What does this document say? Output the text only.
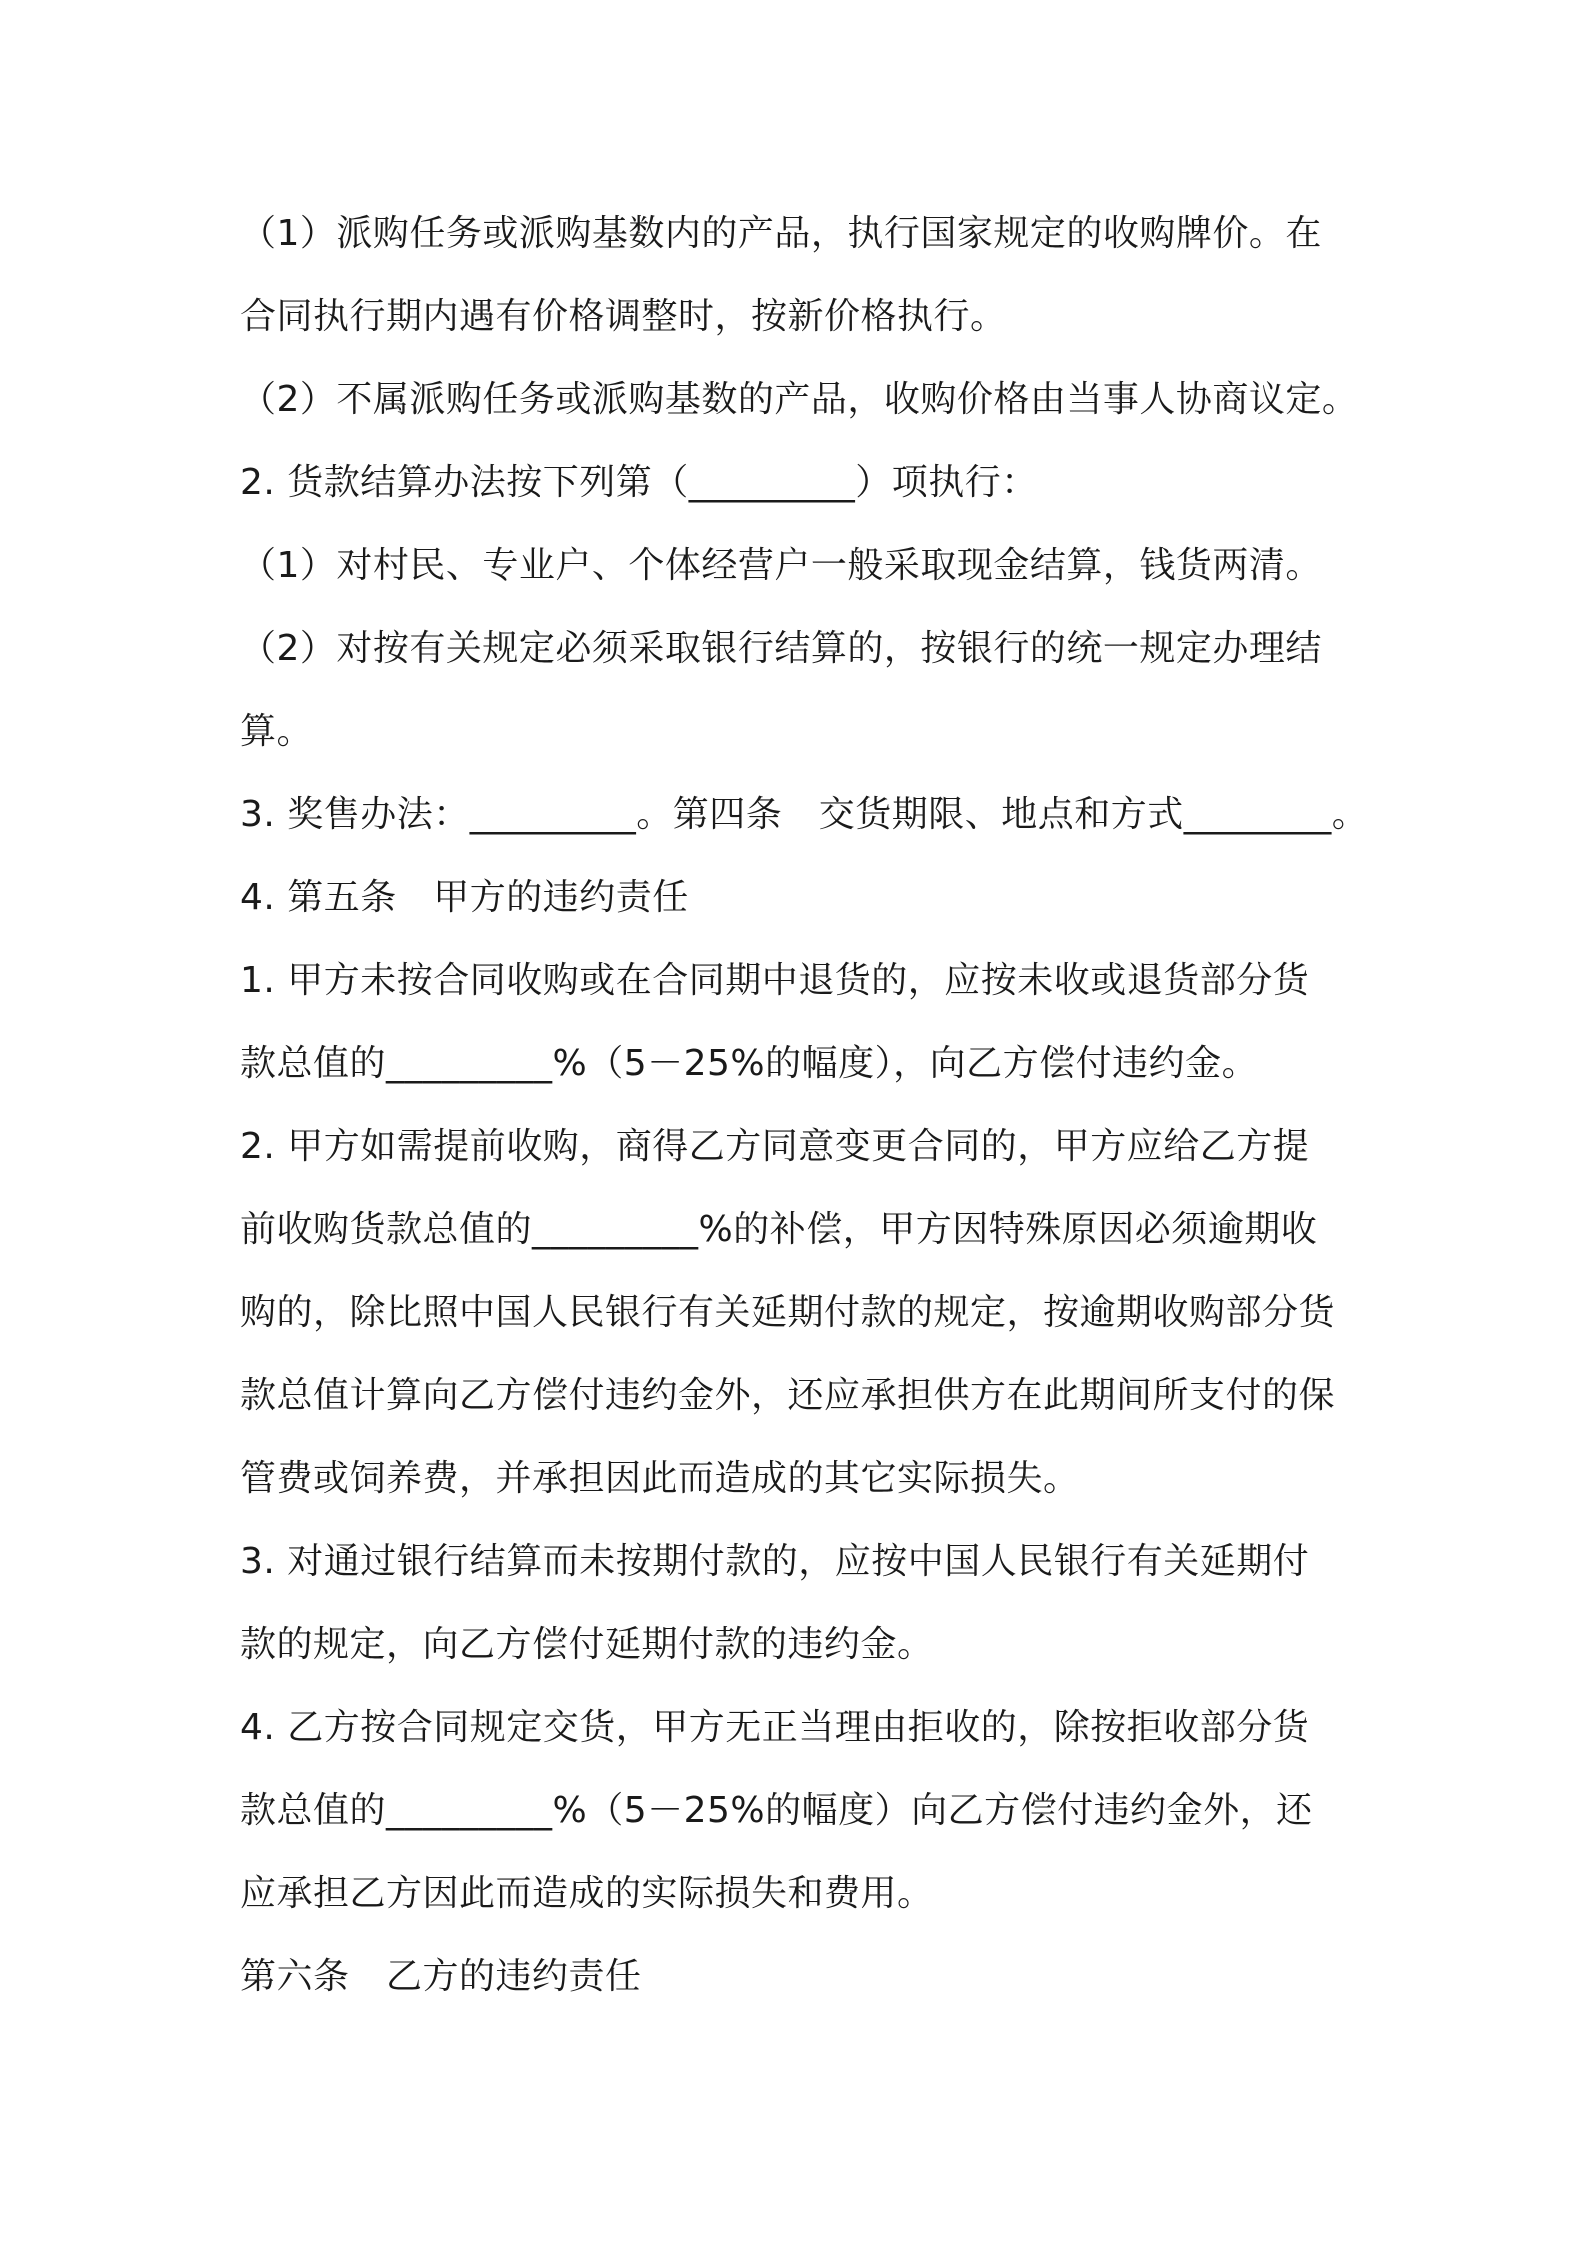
（1）派购任务或派购基数内的产品，执行国家规定的收购牌价。在
合同执行期内遇有价格调整时，按新价格执行。
（2）不属派购任务或派购基数的产品，收购价格由当事人协商议定。
2. 货款结算办法按下列第（_________）项执行：
（1）对村民、专业户、个体经营户一般采取现金结算，钱货两清。
（2）对按有关规定必须采取银行结算的，按银行的统一规定办理结
算。
3. 奖售办法：_________。第四条　交货期限、地点和方式________。
4. 第五条　甲方的违约责任
1. 甲方未按合同收购或在合同期中退货的，应按未收或退货部分货
款总值的_________%（5－25%的幅度），向乙方偿付违约金。
2. 甲方如需提前收购，商得乙方同意变更合同的，甲方应给乙方提
前收购货款总值的_________%的补偿，甲方因特殊原因必须逾期收
购的，除比照中国人民银行有关延期付款的规定，按逾期收购部分货
款总值计算向乙方偿付违约金外，还应承担供方在此期间所支付的保
管费或饲养费，并承担因此而造成的其它实际损失。
3. 对通过银行结算而未按期付款的，应按中国人民银行有关延期付
款的规定，向乙方偿付延期付款的违约金。
4. 乙方按合同规定交货，甲方无正当理由拒收的，除按拒收部分货
款总值的_________%（5－25%的幅度）向乙方偿付违约金外，还
应承担乙方因此而造成的实际损失和费用。
第六条　乙方的违约责任
